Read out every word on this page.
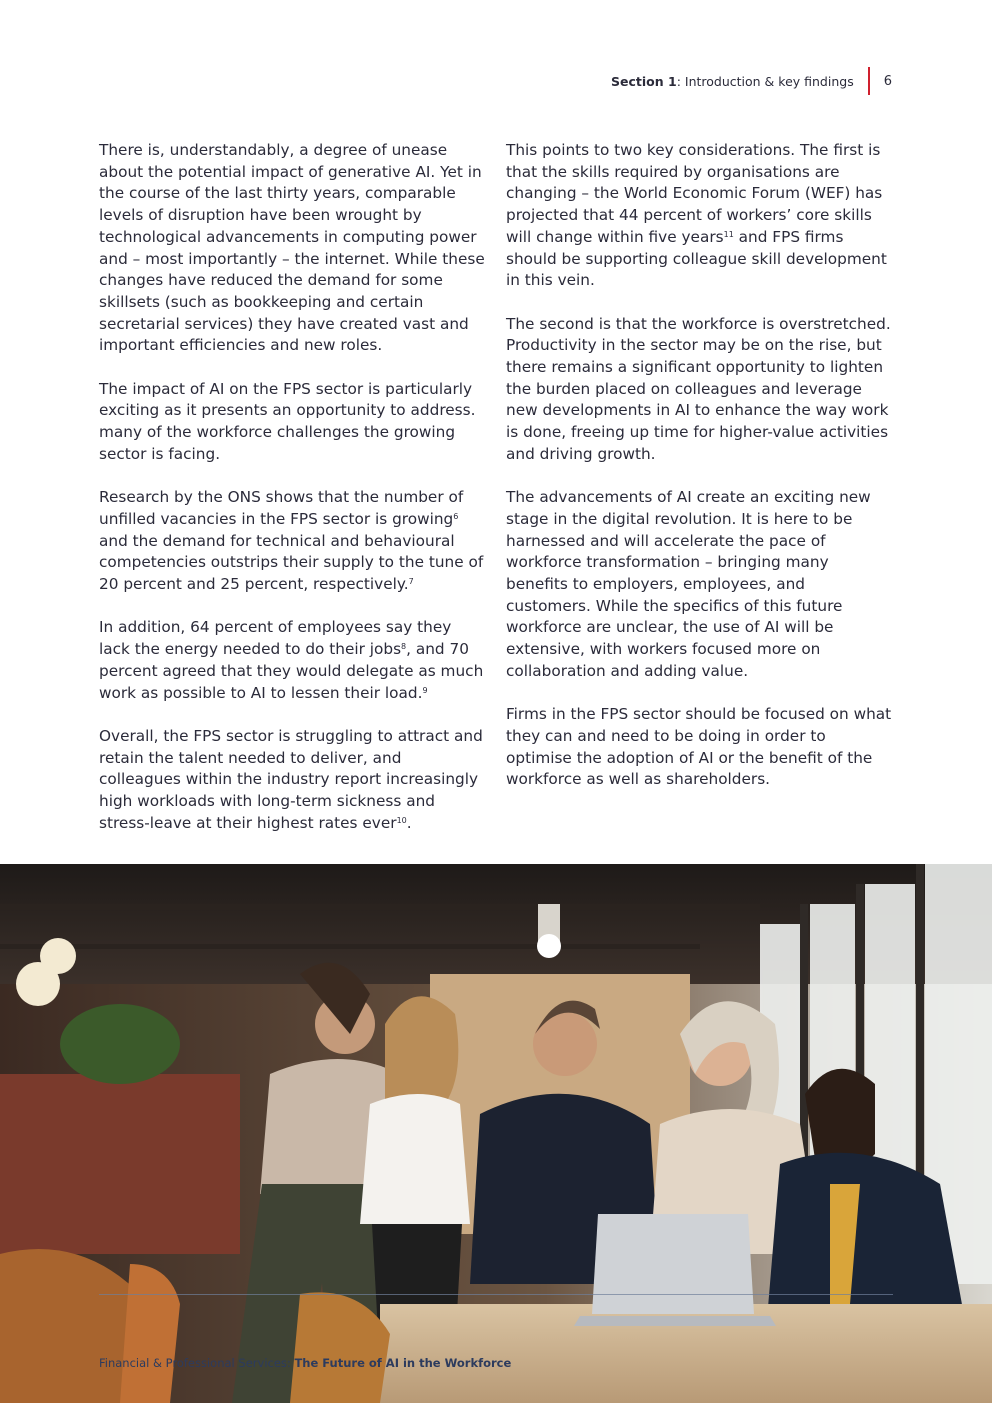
Section 1 : Introduction & key findings 6

There is, understandably, a degree of unease about the potential impact of generative AI. Yet in the course of the last thirty years, comparable levels of disruption have been wrought by technological advancements in computing power and – most importantly – the internet. While these changes have reduced the demand for some skillsets (such as bookkeeping and certain secretarial services) they have created vast and important efficiencies and new roles.

The impact of AI on the FPS sector is particularly exciting as it presents an opportunity to address. many of the workforce challenges the growing sector is facing.

Research by the ONS shows that the number of unfilled vacancies in the FPS sector is growing$^6$ and the demand for technical and behavioural competencies outstrips their supply to the tune of 20 percent and 25 percent, respectively.$^7$

In addition, 64 percent of employees say they lack the energy needed to do their jobs$^8$, and 70 percent agreed that they would delegate as much work as possible to AI to lessen their load.$^9$

Overall, the FPS sector is struggling to attract and retain the talent needed to deliver, and colleagues within the industry report increasingly high workloads with long-term sickness and stress-leave at their highest rates ever$^{10}$.

This points to two key considerations. The first is that the skills required by organisations are changing – the World Economic Forum (WEF) has projected that 44 percent of workers’ core skills will change within five years$^{11}$ and FPS firms should be supporting colleague skill development in this vein.

The second is that the workforce is overstretched. Productivity in the sector may be on the rise, but there remains a significant opportunity to lighten the burden placed on colleagues and leverage new developments in AI to enhance the way work is done, freeing up time for higher-value activities and driving growth.

The advancements of AI create an exciting new stage in the digital revolution. It is here to be harnessed and will accelerate the pace of workforce transformation – bringing many benefits to employers, employees, and customers. While the specifics of this future workforce are unclear, the use of AI will be extensive, with workers focused more on collaboration and adding value.

Firms in the FPS sector should be focused on what they can and need to be doing in order to optimise the adoption of AI or the benefit of the workforce as well as shareholders.

Financial & Professional Services: The Future of AI in the Workforce
